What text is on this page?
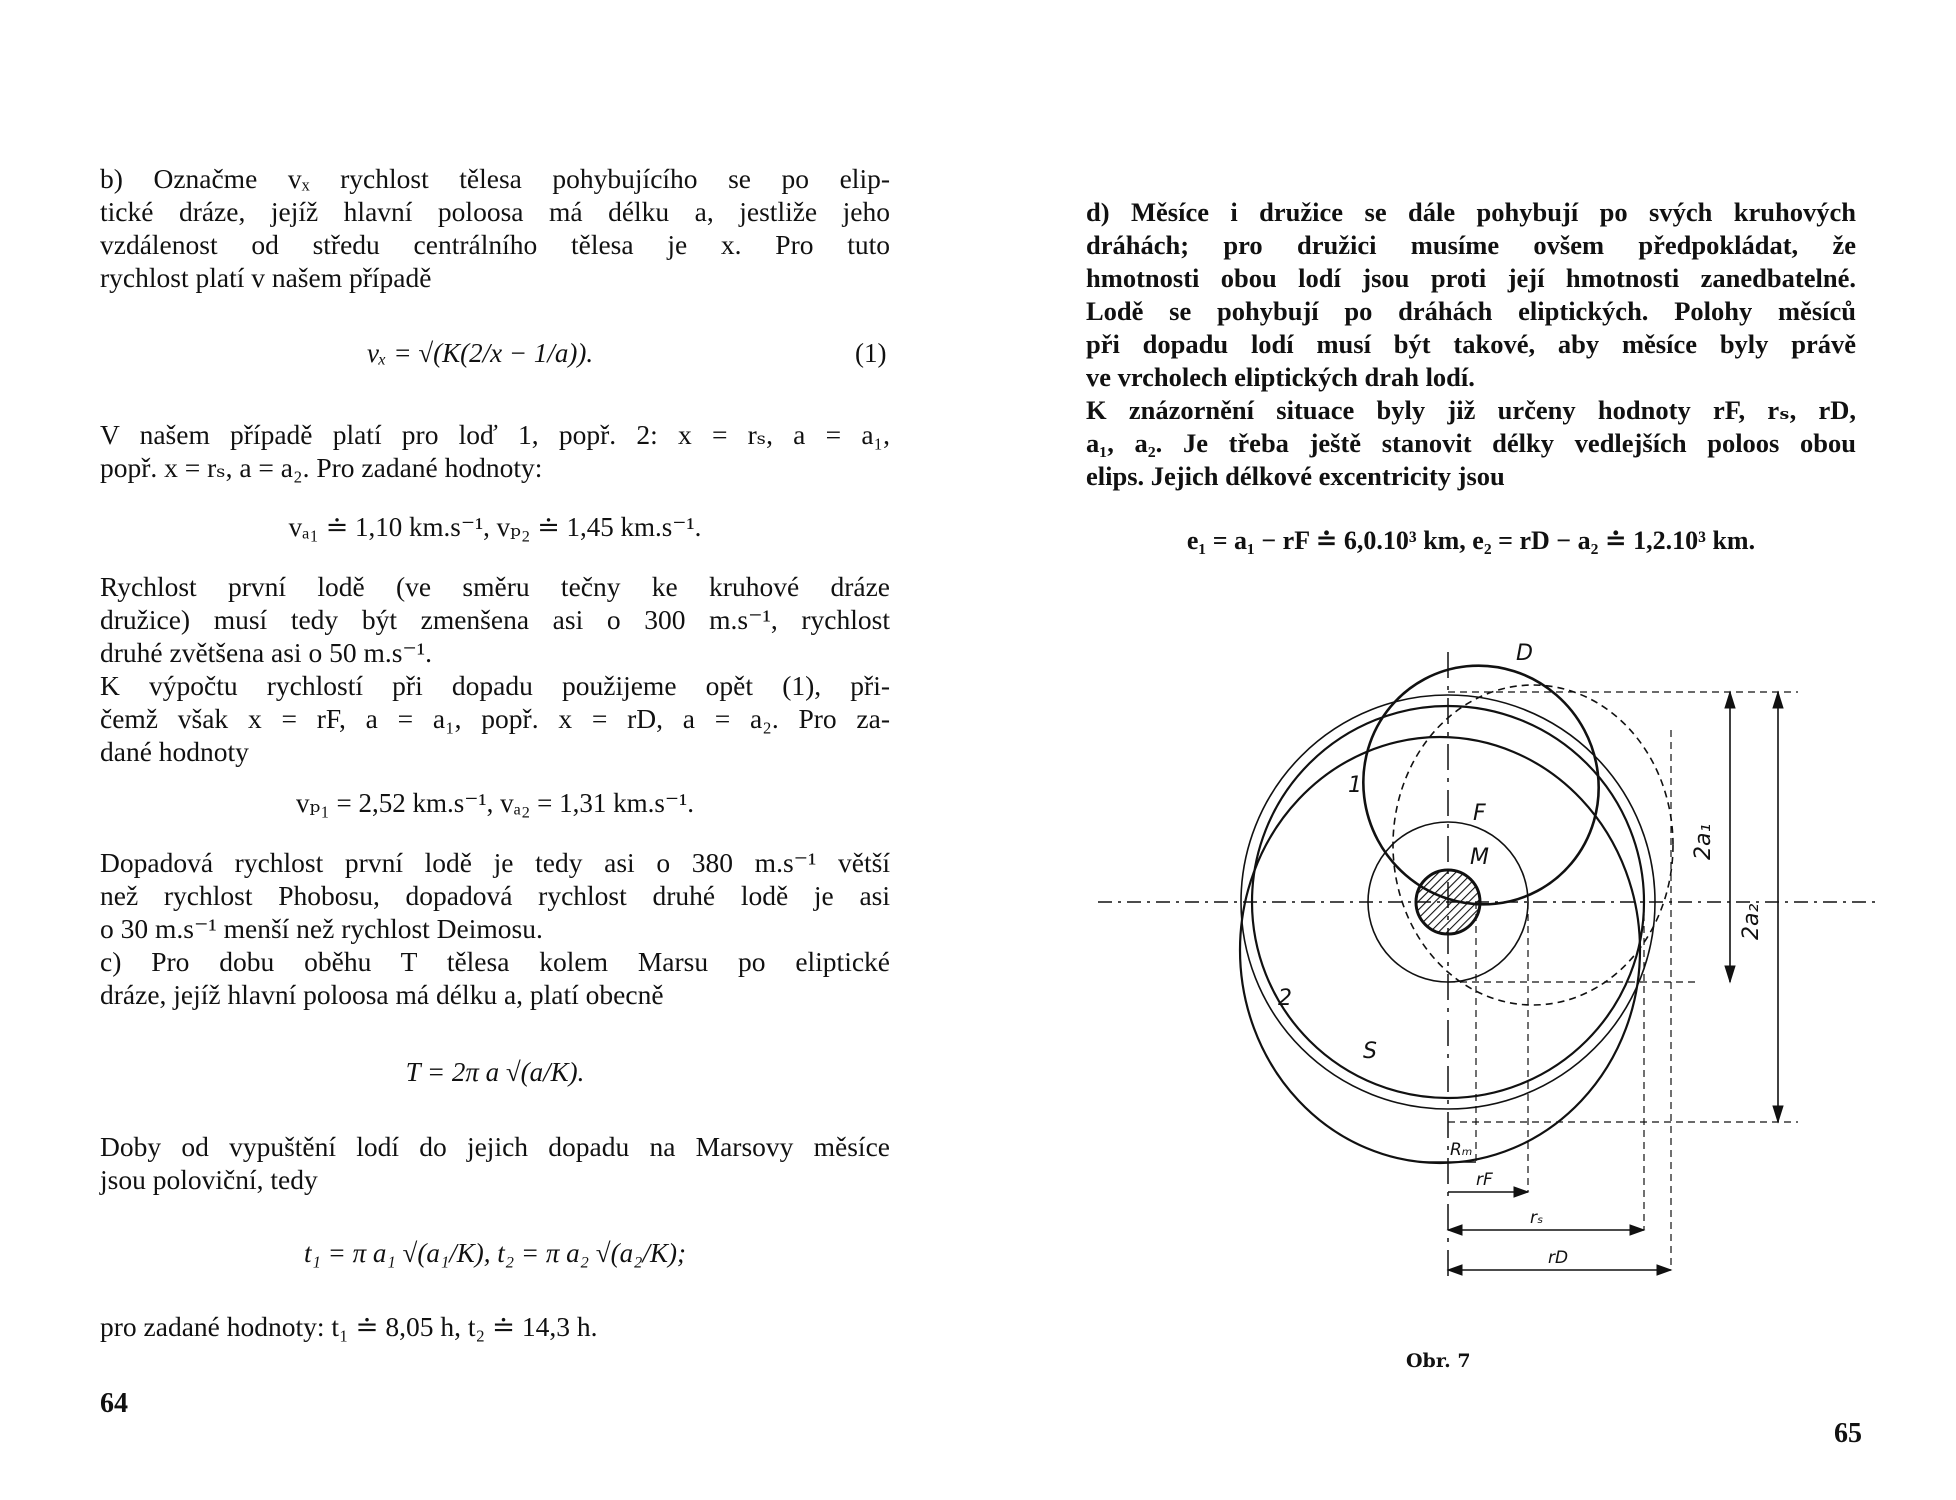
b) Označme vₓ rychlost tělesa pohybujícího se po elip-
tické dráze, jejíž hlavní poloosa má délku a, jestliže jeho
vzdálenost od středu centrálního tělesa je x. Pro tuto
rychlost platí v našem případě
vₓ = √(K(2/x − 1/a)).	(1)
V našem případě platí pro loď 1, popř. 2: x = rₛ, a = a₁,
popř. x = rₛ, a = a₂. Pro zadané hodnoty:
vₐ₁ ≐ 1,10 km.s⁻¹, vₚ₂ ≐ 1,45 km.s⁻¹.
Rychlost první lodě (ve směru tečny ke kruhové dráze
družice) musí tedy být zmenšena asi o 300 m.s⁻¹, rychlost
druhé zvětšena asi o 50 m.s⁻¹.
K výpočtu rychlostí při dopadu použijeme opět (1), při-
čemž však x = rF, a = a₁, popř. x = rD, a = a₂. Pro za-
dané hodnoty
vₚ₁ = 2,52 km.s⁻¹, vₐ₂ = 1,31 km.s⁻¹.
Dopadová rychlost první lodě je tedy asi o 380 m.s⁻¹ větší
než rychlost Phobosu, dopadová rychlost druhé lodě je asi
o 30 m.s⁻¹ menší než rychlost Deimosu.
c) Pro dobu oběhu T tělesa kolem Marsu po eliptické
dráze, jejíž hlavní poloosa má délku a, platí obecně
T = 2π a √(a/K).
Doby od vypuštění lodí do jejich dopadu na Marsovy měsíce
jsou poloviční, tedy
t₁ = π a₁ √(a₁/K), t₂ = π a₂ √(a₂/K);
pro zadané hodnoty: t₁ ≐ 8,05 h, t₂ ≐ 14,3 h.
64
d) Měsíce i družice se dále pohybují po svých kruhových
dráhách; pro družici musíme ovšem předpokládat, že
hmotnosti obou lodí jsou proti její hmotnosti zanedbatelné.
Lodě se pohybují po dráhách eliptických. Polohy měsíců
při dopadu lodí musí být takové, aby měsíce byly právě
ve vrcholech eliptických drah lodí.
K znázornění situace byly již určeny hodnoty rF, rₛ, rD,
a₁, a₂. Je třeba ještě stanovit délky vedlejších poloos obou
elips. Jejich délkové excentricity jsou
e₁ = a₁ − rF ≐ 6,0.10³ km, e₂ = rD − a₂ ≐ 1,2.10³ km.
D
F
M
S
1
2
2a₁
2a₂
Rₘ
rF
rₛ
rD
Obr. 7
65
